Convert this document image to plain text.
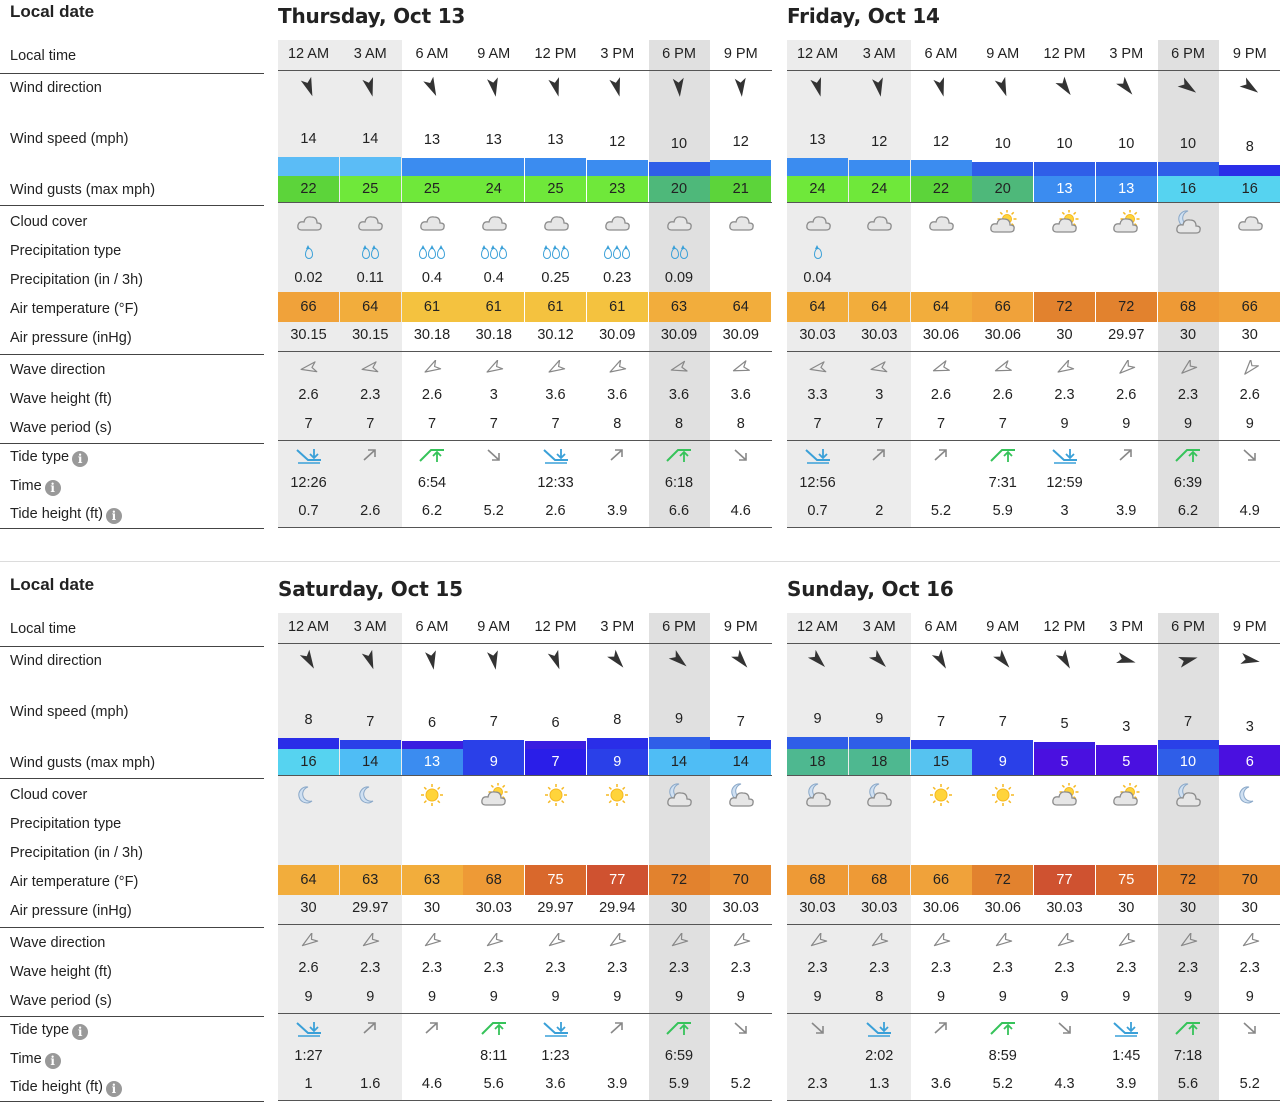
Local date
Local time
Wind direction
Wind speed (mph)
Wind gusts (max mph)
Cloud cover
Precipitation type
Precipitation (in / 3h)
Air temperature (°F)
Air pressure (inHg)
Wave direction
Wave height (ft)
Wave period (s)
Tide type i
Time i
Tide height (ft) i
Thursday, Oct 13
12 AM
14
22
0.02
66
30.15
2.6
7
12:26
0.7
3 AM
14
25
0.11
64
30.15
2.3
7
2.6
6 AM
13
25
0.4
61
30.18
2.6
7
6:54
6.2
9 AM
13
24
0.4
61
30.18
3
7
5.2
12 PM
13
25
0.25
61
30.12
3.6
7
12:33
2.6
3 PM
12
23
0.23
61
30.09
3.6
8
3.9
6 PM
10
20
0.09
63
30.09
3.6
8
6:18
6.6
9 PM
12
21
64
30.09
3.6
8
4.6
Friday, Oct 14
12 AM
13
24
0.04
64
30.03
3.3
7
12:56
0.7
3 AM
12
24
64
30.03
3
7
2
6 AM
12
22
64
30.06
2.6
7
5.2
9 AM
10
20
66
30.06
2.6
7
7:31
5.9
12 PM
10
13
72
30
2.3
9
12:59
3
3 PM
10
13
72
29.97
2.6
9
3.9
6 PM
10
16
68
30
2.3
9
6:39
6.2
9 PM
8
16
66
30
2.6
9
4.9
Local date
Local time
Wind direction
Wind speed (mph)
Wind gusts (max mph)
Cloud cover
Precipitation type
Precipitation (in / 3h)
Air temperature (°F)
Air pressure (inHg)
Wave direction
Wave height (ft)
Wave period (s)
Tide type i
Time i
Tide height (ft) i
Saturday, Oct 15
12 AM
8
16
64
30
2.6
9
1:27
1
3 AM
7
14
63
29.97
2.3
9
1.6
6 AM
6
13
63
30
2.3
9
4.6
9 AM
7
9
68
30.03
2.3
9
8:11
5.6
12 PM
6
7
75
29.97
2.3
9
1:23
3.6
3 PM
8
9
77
29.94
2.3
9
3.9
6 PM
9
14
72
30
2.3
9
6:59
5.9
9 PM
7
14
70
30.03
2.3
9
5.2
Sunday, Oct 16
12 AM
9
18
68
30.03
2.3
9
2.3
3 AM
9
18
68
30.03
2.3
8
2:02
1.3
6 AM
7
15
66
30.06
2.3
9
3.6
9 AM
7
9
72
30.06
2.3
9
8:59
5.2
12 PM
5
5
77
30.03
2.3
9
4.3
3 PM
3
5
75
30
2.3
9
1:45
3.9
6 PM
7
10
72
30
2.3
9
7:18
5.6
9 PM
3
6
70
30
2.3
9
5.2
